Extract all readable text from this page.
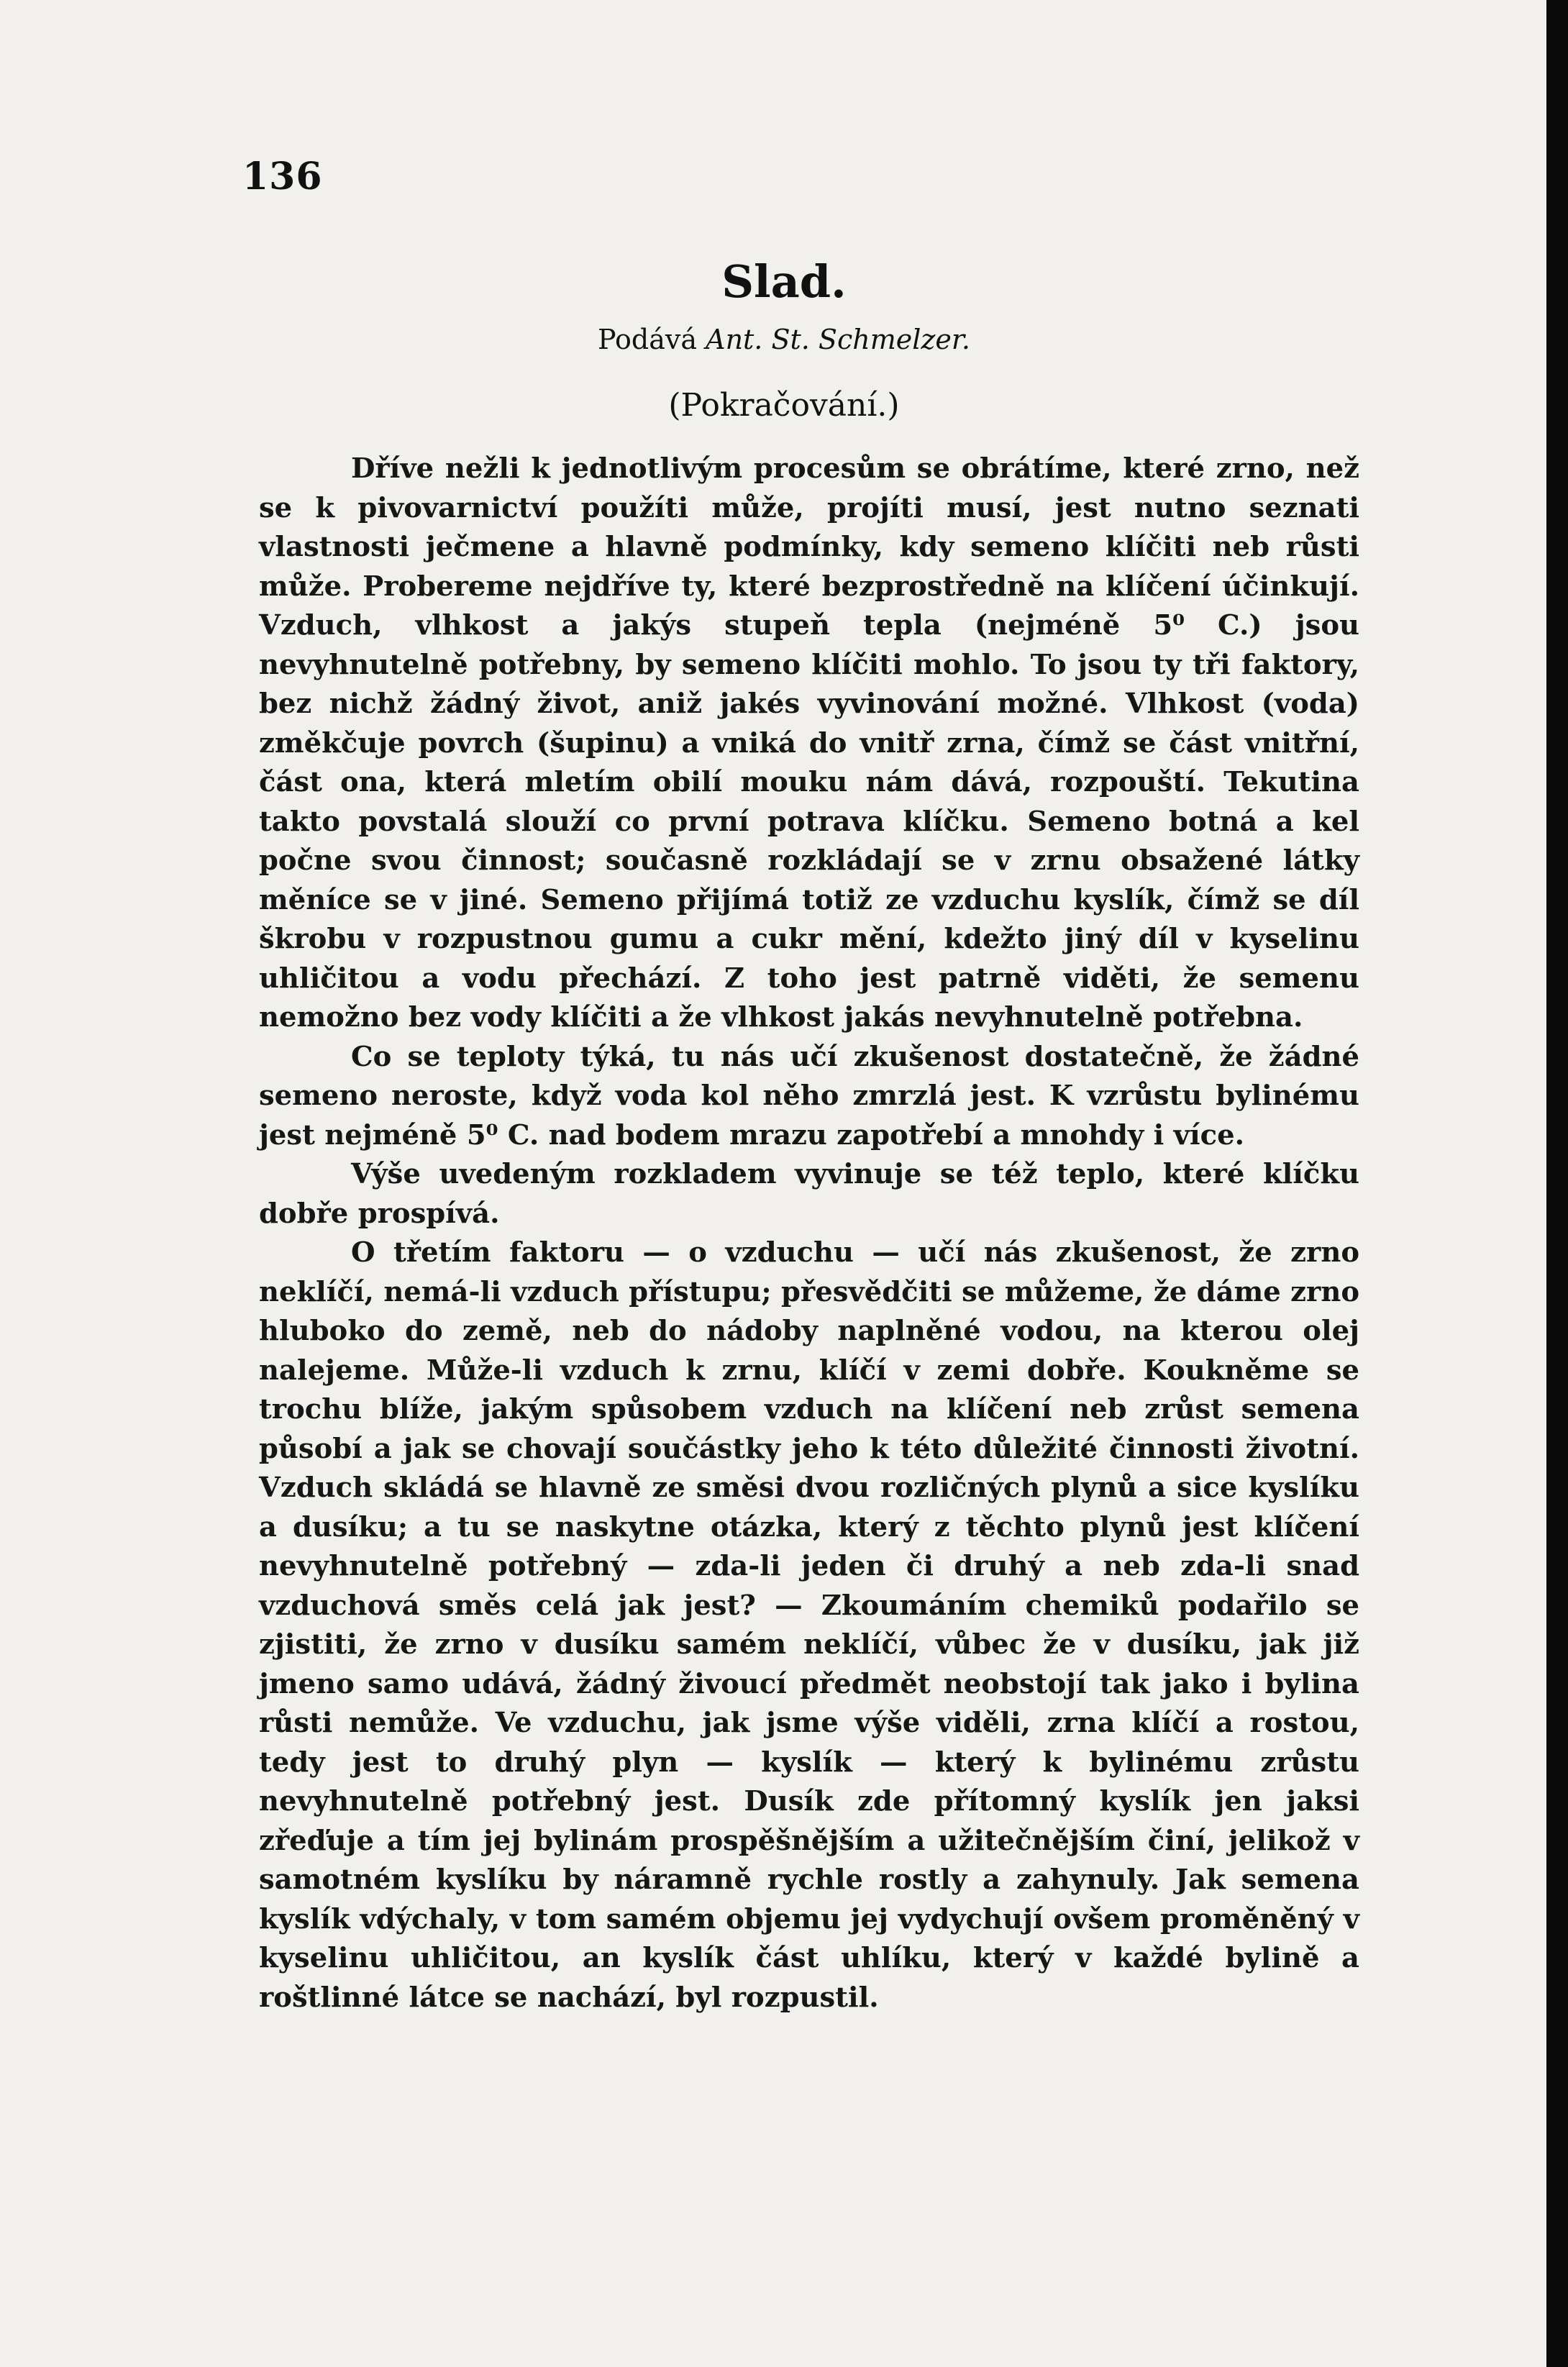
136
Slad.
Podává Ant. St. Schmelzer.
(Pokračování.)

Dříve nežli k jednotlivým procesům se obrátíme, které zrno, než se k pivovarnictví použíti může, projíti musí, jest nutno seznati vlastnosti ječmene a hlavně podmínky, kdy semeno klíčiti neb růsti může. Probereme nejdříve ty, které bezprostředně na klíčení účinkují. Vzduch, vlhkost a jakýs stupeň tepla (nejméně 5⁰ C.) jsou nevyhnutelně potřebny, by semeno klíčiti mohlo. To jsou ty tři faktory, bez nichž žádný život, aniž jakés vyvinování možné. Vlhkost (voda) změkčuje povrch (šupinu) a vniká do vnitř zrna, čímž se část vnitřní, část ona, která mletím obilí mouku nám dává, rozpouští. Tekutina takto povstalá slouží co první potrava klíčku. Semeno botná a kel počne svou činnost; současně rozkládají se v zrnu obsažené látky měníce se v jiné. Semeno přijímá totiž ze vzduchu kyslík, čímž se díl škrobu v rozpustnou gumu a cukr mění, kdežto jiný díl v kyselinu uhličitou a vodu přechází. Z toho jest patrně viděti, že semenu nemožno bez vody klíčiti a že vlhkost jakás nevyhnutelně potřebna.

Co se teploty týká, tu nás učí zkušenost dostatečně, že žádné semeno neroste, když voda kol něho zmrzlá jest. K vzrůstu bylinému jest nejméně 5⁰ C. nad bodem mrazu zapotřebí a mnohdy i více.

Výše uvedeným rozkladem vyvinuje se též teplo, které klíčku dobře prospívá.

O třetím faktoru — o vzduchu — učí nás zkušenost, že zrno neklíčí, nemá-li vzduch přístupu; přesvědčiti se můžeme, že dáme zrno hluboko do země, neb do nádoby naplněné vodou, na kterou olej nalejeme. Může-li vzduch k zrnu, klíčí v zemi dobře. Koukněme se trochu blíže, jakým spůsobem vzduch na klíčení neb zrůst semena působí a jak se chovají součástky jeho k této důležité činnosti životní. Vzduch skládá se hlavně ze směsi dvou rozličných plynů a sice kyslíku a dusíku; a tu se naskytne otázka, který z těchto plynů jest klíčení nevyhnutelně potřebný — zda-li jeden či druhý a neb zda-li snad vzduchová směs celá jak jest? — Zkoumáním chemiků podařilo se zjistiti, že zrno v dusíku samém neklíčí, vůbec že v dusíku, jak již jmeno samo udává, žádný živoucí předmět neobstojí tak jako i bylina růsti nemůže. Ve vzduchu, jak jsme výše viděli, zrna klíčí a rostou, tedy jest to druhý plyn — kyslík — který k bylinému zrůstu nevyhnutelně potřebný jest. Dusík zde přítomný kyslík jen jaksi zřeďuje a tím jej bylinám prospěšnějším a užitečnějším činí, jelikož v samotném kyslíku by náramně rychle rostly a zahynuly. Jak semena kyslík vdýchaly, v tom samém objemu jej vydychují ovšem proměněný v kyselinu uhličitou, an kyslík část uhlíku, který v každé bylině a roštlinné látce se nachází, byl rozpustil.
